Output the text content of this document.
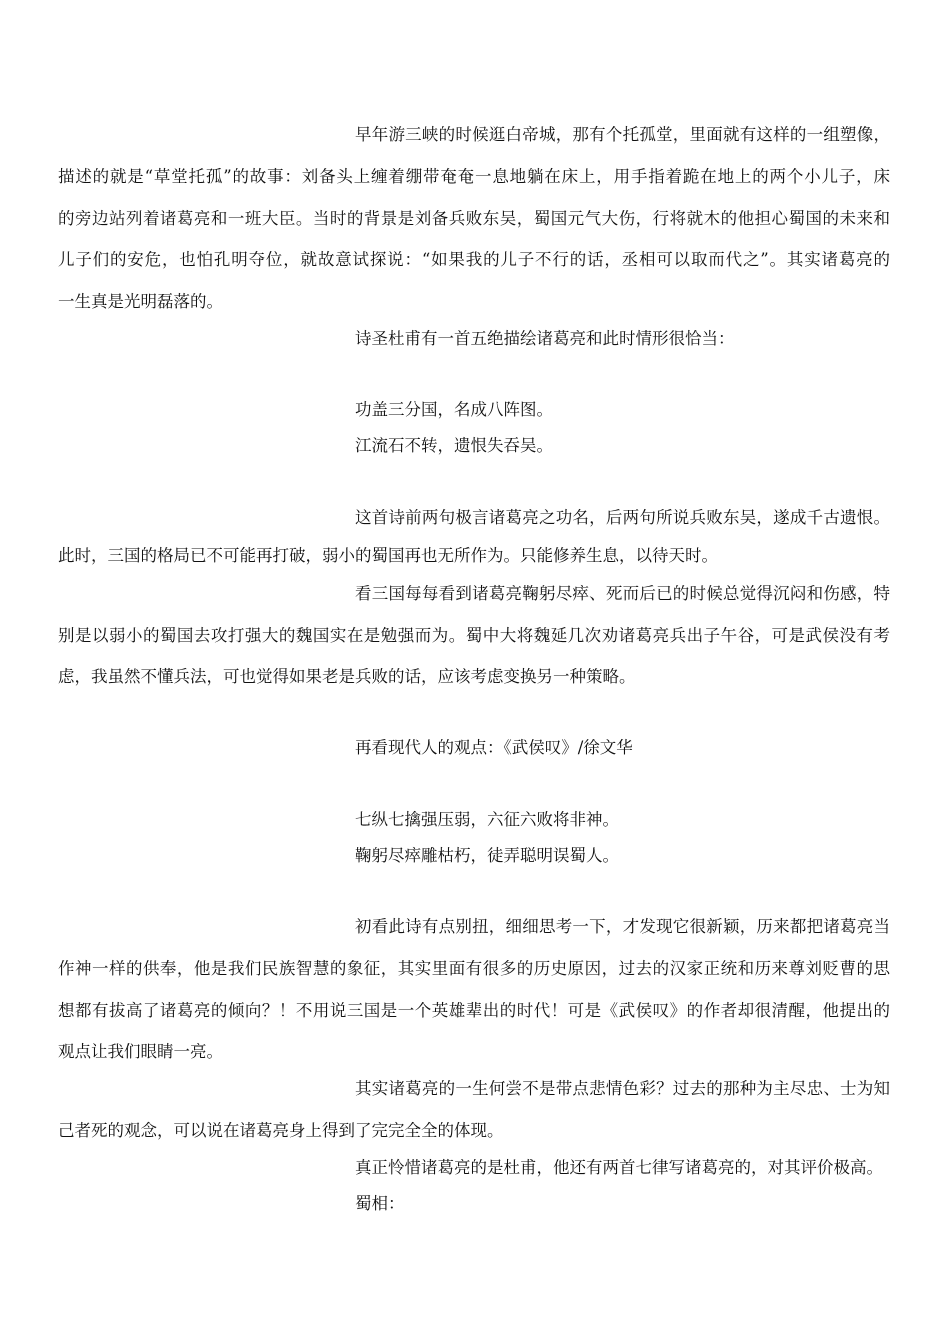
早年游三峡的时候逛白帝城，那有个托孤堂，里面就有这样的一组塑像，
描述的就是“草堂托孤”的故事：刘备头上缠着绷带奄奄一息地躺在床上，用手指着跪在地上的两个小儿子，床
的旁边站列着诸葛亮和一班大臣。当时的背景是刘备兵败东吴，蜀国元气大伤，行将就木的他担心蜀国的未来和
儿子们的安危，也怕孔明夺位，就故意试探说：“如果我的儿子不行的话，丞相可以取而代之”。其实诸葛亮的
一生真是光明磊落的。
诗圣杜甫有一首五绝描绘诸葛亮和此时情形很恰当：
功盖三分国，名成八阵图。
江流石不转，遗恨失吞吴。
这首诗前两句极言诸葛亮之功名，后两句所说兵败东吴，遂成千古遗恨。
此时，三国的格局已不可能再打破，弱小的蜀国再也无所作为。只能修养生息，以待天时。
看三国每每看到诸葛亮鞠躬尽瘁、死而后已的时候总觉得沉闷和伤感，特
别是以弱小的蜀国去攻打强大的魏国实在是勉强而为。蜀中大将魏延几次劝诸葛亮兵出子午谷，可是武侯没有考
虑，我虽然不懂兵法，可也觉得如果老是兵败的话，应该考虑变换另一种策略。
再看现代人的观点：《武侯叹》/徐文华
七纵七擒强压弱，六征六败将非神。
鞠躬尽瘁雕枯朽，徒弄聪明误蜀人。
初看此诗有点别扭，细细思考一下，才发现它很新颖，历来都把诸葛亮当
作神一样的供奉，他是我们民族智慧的象征，其实里面有很多的历史原因，过去的汉家正统和历来尊刘贬曹的思
想都有拔高了诸葛亮的倾向？！不用说三国是一个英雄辈出的时代！可是《武侯叹》的作者却很清醒，他提出的
观点让我们眼睛一亮。
其实诸葛亮的一生何尝不是带点悲情色彩？过去的那种为主尽忠、士为知
己者死的观念，可以说在诸葛亮身上得到了完完全全的体现。
真正怜惜诸葛亮的是杜甫，他还有两首七律写诸葛亮的，对其评价极高。
蜀相：
